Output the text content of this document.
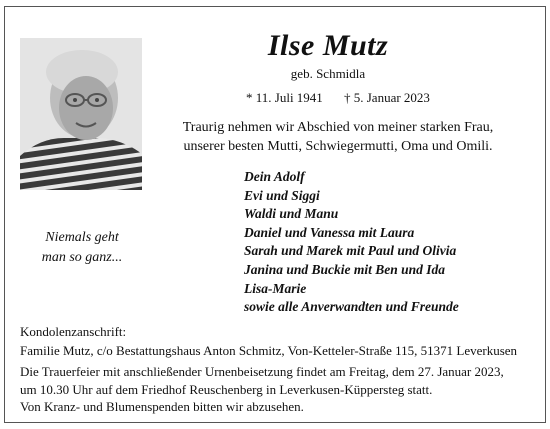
Niemals geht
man so ganz...
Ilse Mutz
geb. Schmidla
* 11. Juli 1941 † 5. Januar 2023
Traurig nehmen wir Abschied von meiner starken Frau,
unserer besten Mutti, Schwiegermutti, Oma und Omili.
Dein Adolf
Evi und Siggi
Waldi und Manu
Daniel und Vanessa mit Laura
Sarah und Marek mit Paul und Olivia
Janina und Buckie mit Ben und Ida
Lisa-Marie
sowie alle Anverwandten und Freunde
Kondolenzanschrift:
Familie Mutz, c/o Bestattungshaus Anton Schmitz, Von-Ketteler-Straße 115, 51371 Leverkusen
Die Trauerfeier mit anschließender Urnenbeisetzung findet am Freitag, dem 27. Januar 2023,
um 10.30 Uhr auf dem Friedhof Reuschenberg in Leverkusen-Küppersteg statt.
Von Kranz- und Blumenspenden bitten wir abzusehen.
